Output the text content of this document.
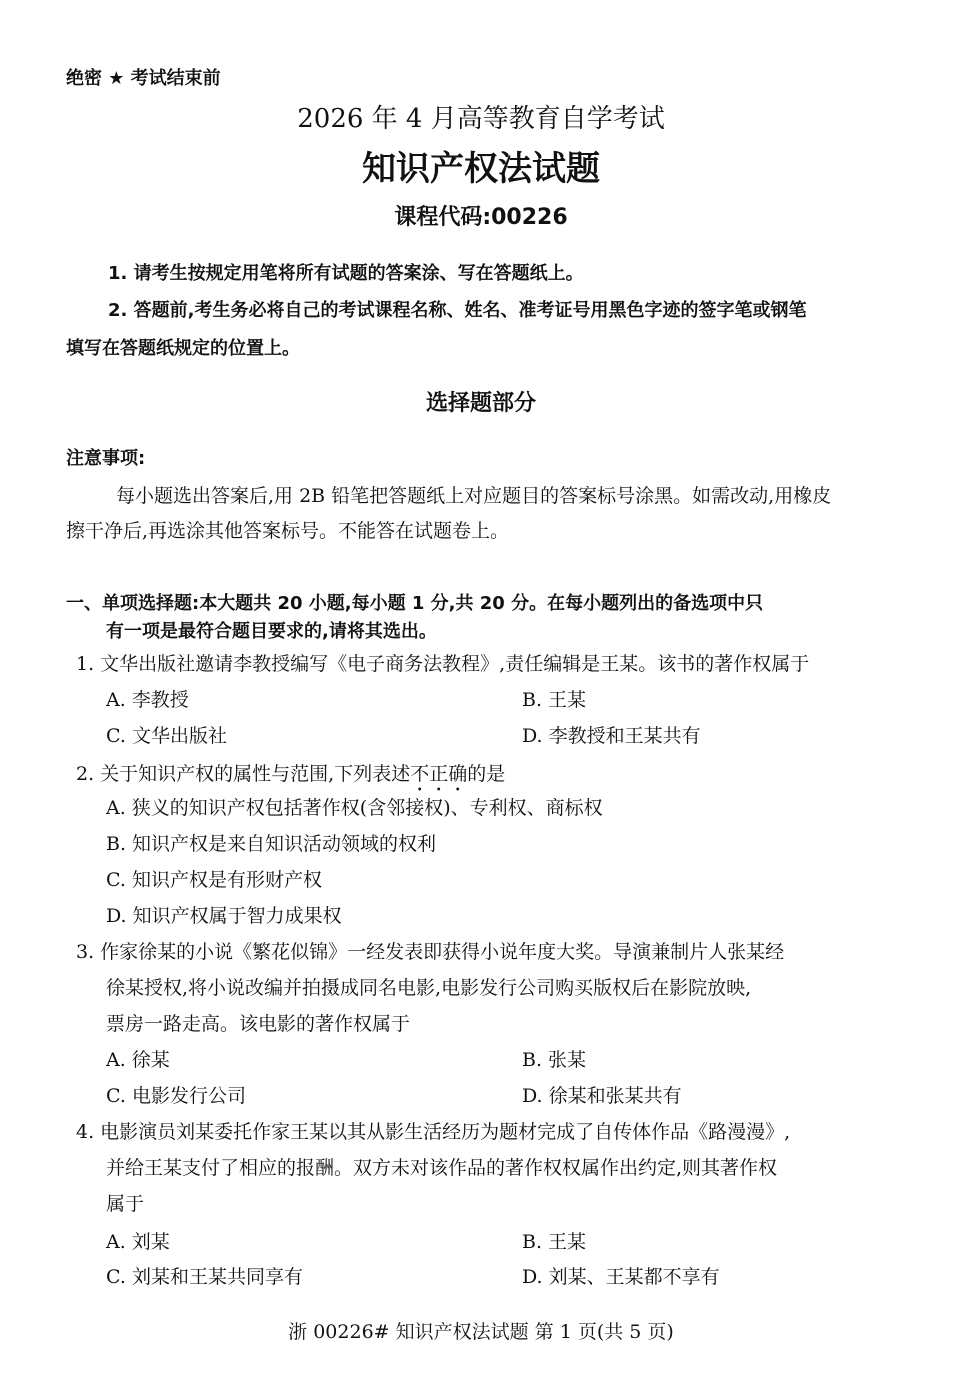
绝密 ★ 考试结束前
2026 年 4 月高等教育自学考试
知识产权法试题
课程代码:00226
1. 请考生按规定用笔将所有试题的答案涂、写在答题纸上。
2. 答题前,考生务必将自己的考试课程名称、姓名、准考证号用黑色字迹的签字笔或钢笔
填写在答题纸规定的位置上。
选择题部分
注意事项:
每小题选出答案后,用 2B 铅笔把答题纸上对应题目的答案标号涂黑。如需改动,用橡皮
擦干净后,再选涂其他答案标号。不能答在试题卷上。
一、单项选择题:本大题共 20 小题,每小题 1 分,共 20 分。在每小题列出的备选项中只
有一项是最符合题目要求的,请将其选出。
1. 文华出版社邀请李教授编写《电子商务法教程》,责任编辑是王某。该书的著作权属于
A. 李教授	B. 王某
C. 文华出版社	D. 李教授和王某共有
2. 关于知识产权的属性与范围,下列表述不正确的是
A. 狭义的知识产权包括著作权(含邻接权)、专利权、商标权
B. 知识产权是来自知识活动领域的权利
C. 知识产权是有形财产权
D. 知识产权属于智力成果权
3. 作家徐某的小说《繁花似锦》一经发表即获得小说年度大奖。导演兼制片人张某经
徐某授权,将小说改编并拍摄成同名电影,电影发行公司购买版权后在影院放映,
票房一路走高。该电影的著作权属于
A. 徐某	B. 张某
C. 电影发行公司	D. 徐某和张某共有
4. 电影演员刘某委托作家王某以其从影生活经历为题材完成了自传体作品《路漫漫》,
并给王某支付了相应的报酬。双方未对该作品的著作权权属作出约定,则其著作权
属于
A. 刘某	B. 王某
C. 刘某和王某共同享有	D. 刘某、王某都不享有
浙 00226# 知识产权法试题 第 1 页(共 5 页)
